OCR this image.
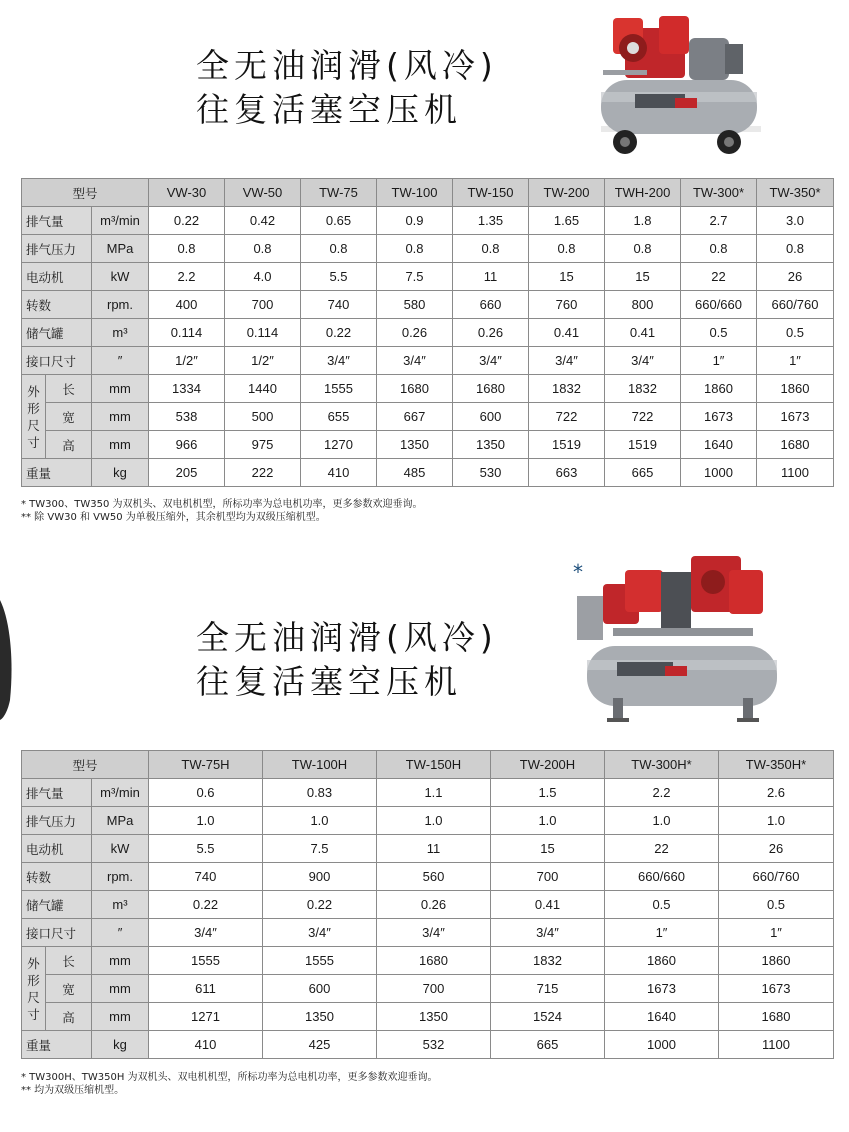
全无油润滑(风冷)
往复活塞空压机
型号			VW-30	VW-50	TW-75	TW-100	TW-150	TW-200	TWH-200	TW-300*	TW-350*
排气量		m³/min	0.22	0.42	0.65	0.9	1.35	1.65	1.8	2.7	3.0
排气压力		MPa	0.8	0.8	0.8	0.8	0.8	0.8	0.8	0.8	0.8
电动机		kW	2.2	4.0	5.5	7.5	11	15	15	22	26
转数		rpm.	400	700	740	580	660	760	800	660/660	660/760
储气罐		m³	0.114	0.114	0.22	0.26	0.26	0.41	0.41	0.5	0.5
接口尺寸		″	1/2″	1/2″	3/4″	3/4″	3/4″	3/4″	3/4″	1″	1″

外
形
尺
寸	长	mm	1334	1440	1555	1680	1680	1832	1832	1860	1860
	宽	mm	538	500	655	667	600	722	722	1673	1673
	高	mm	966	975	1270	1350	1350	1519	1519	1640	1680
重量		kg	205	222	410	485	530	663	665	1000	1100
* TW300、TW350 为双机头、双电机机型，所标功率为总电机功率，更多参数欢迎垂询。
** 除 VW30 和 VW50 为单极压缩外，其余机型均为双级压缩机型。
*
全无油润滑(风冷)
往复活塞空压机
型号			TW-75H	TW-100H	TW-150H	TW-200H	TW-300H*	TW-350H*
排气量		m³/min	0.6	0.83	1.1	1.5	2.2	2.6
排气压力		MPa	1.0	1.0	1.0	1.0	1.0	1.0
电动机		kW	5.5	7.5	11	15	22	26
转数		rpm.	740	900	560	700	660/660	660/760
储气罐		m³	0.22	0.22	0.26	0.41	0.5	0.5
接口尺寸		″	3/4″	3/4″	3/4″	3/4″	1″	1″

外
形
尺
寸	长	mm	1555	1555	1680	1832	1860	1860
	宽	mm	611	600	700	715	1673	1673
	高	mm	1271	1350	1350	1524	1640	1680
重量		kg	410	425	532	665	1000	1100
* TW300H、TW350H 为双机头、双电机机型，所标功率为总电机功率，更多参数欢迎垂询。
** 均为双级压缩机型。
